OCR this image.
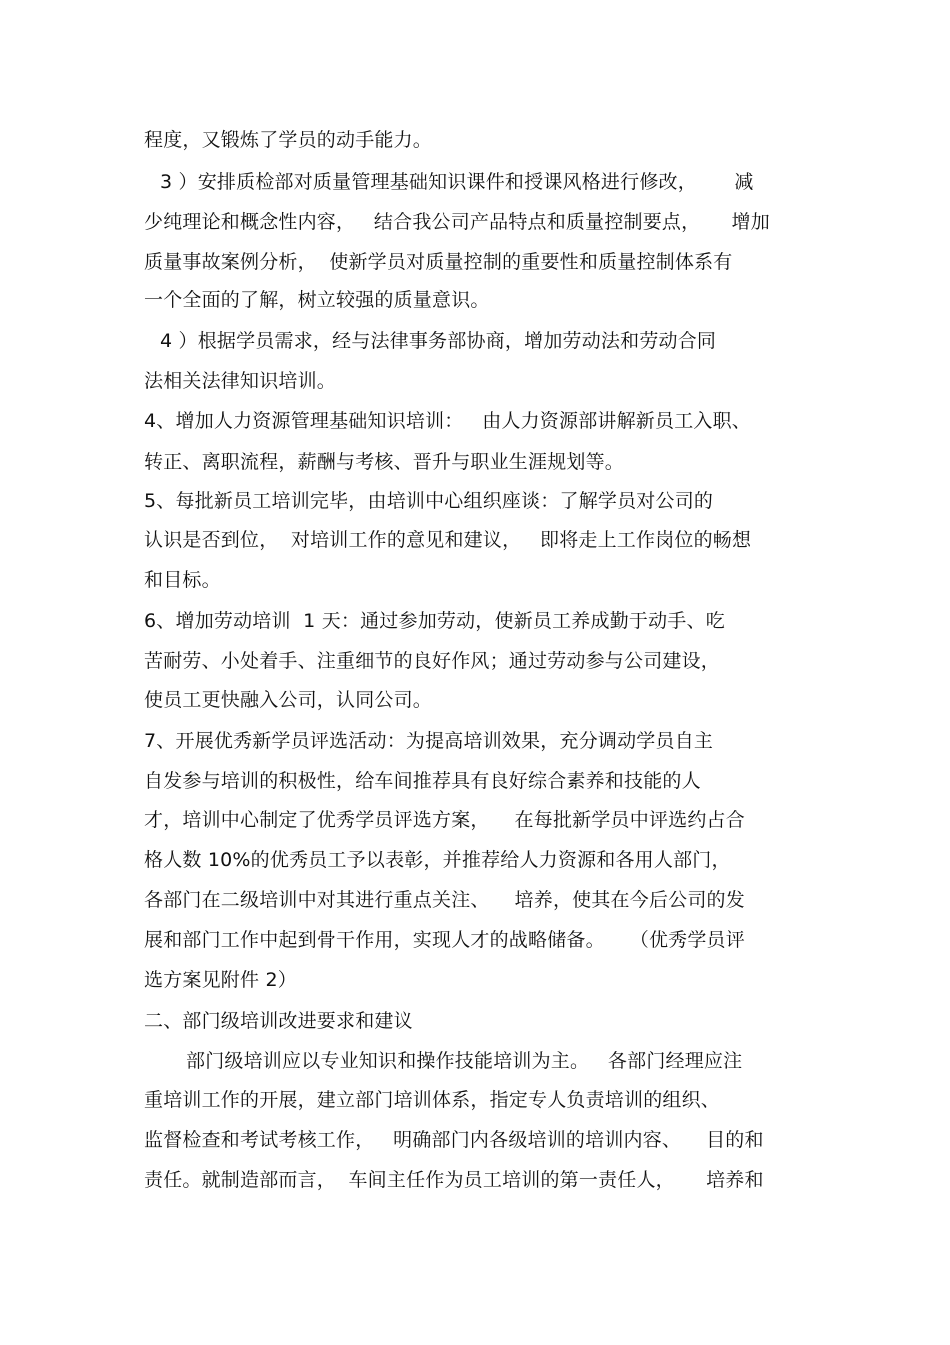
程度，又锻炼了学员的动手能力。
3 ）安排质检部对质量管理基础知识课件和授课风格进行修改，      减
少纯理论和概念性内容，   结合我公司产品特点和质量控制要点，     增加
质量事故案例分析，  使新学员对质量控制的重要性和质量控制体系有
一个全面的了解，树立较强的质量意识。
4 ）根据学员需求，经与法律事务部协商，增加劳动法和劳动合同
法相关法律知识培训。
4、增加人力资源管理基础知识培训：   由人力资源部讲解新员工入职、
转正、离职流程，薪酬与考核、晋升与职业生涯规划等。
5、每批新员工培训完毕，由培训中心组织座谈：了解学员对公司的
认识是否到位，  对培训工作的意见和建议，   即将走上工作岗位的畅想
和目标。
6、增加劳动培训  1 天：通过参加劳动，使新员工养成勤于动手、吃
苦耐劳、小处着手、注重细节的良好作风；通过劳动参与公司建设，
使员工更快融入公司，认同公司。
7、开展优秀新学员评选活动：为提高培训效果，充分调动学员自主
自发参与培训的积极性，给车间推荐具有良好综合素养和技能的人
才，培训中心制定了优秀学员评选方案，    在每批新学员中评选约占合
格人数 10%的优秀员工予以表彰，并推荐给人力资源和各用人部门，
各部门在二级培训中对其进行重点关注、    培养，使其在今后公司的发
展和部门工作中起到骨干作用，实现人才的战略储备。    （优秀学员评
选方案见附件 2）
二、部门级培训改进要求和建议
部门级培训应以专业知识和操作技能培训为主。   各部门经理应注
重培训工作的开展，建立部门培训体系，指定专人负责培训的组织、
监督检查和考试考核工作，   明确部门内各级培训的培训内容、    目的和
责任。就制造部而言，  车间主任作为员工培训的第一责任人，     培养和
